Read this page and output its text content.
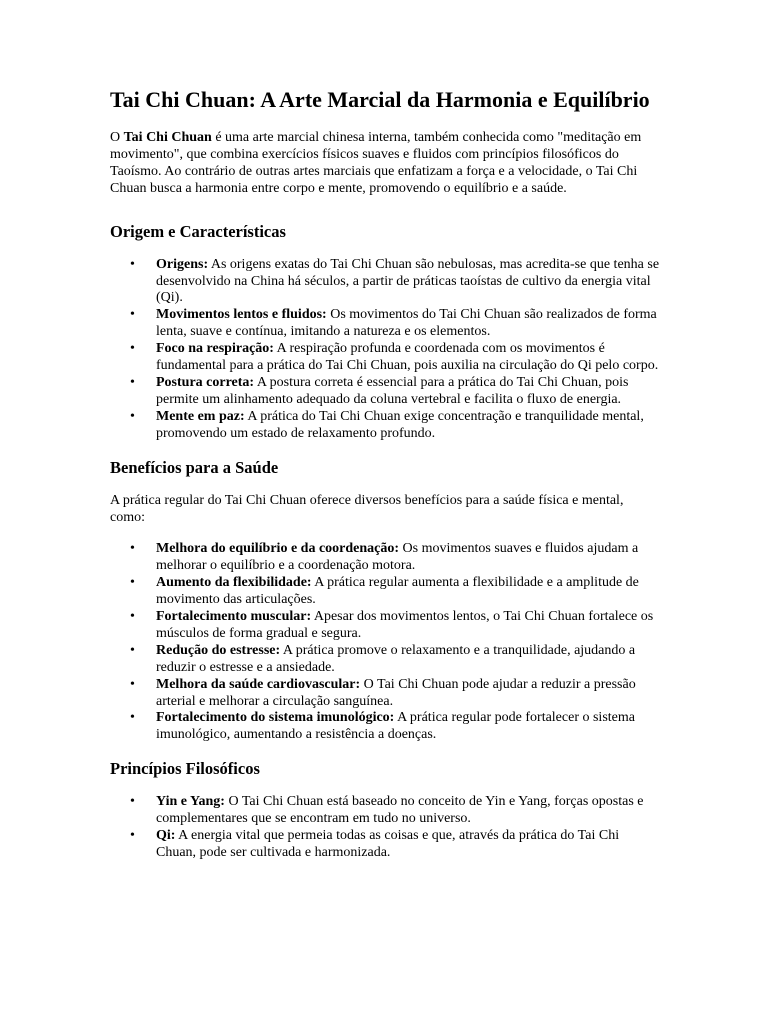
Tai Chi Chuan: A Arte Marcial da Harmonia e Equilíbrio

O Tai Chi Chuan é uma arte marcial chinesa interna, também conhecida como "meditação em movimento", que combina exercícios físicos suaves e fluidos com princípios filosóficos do Taoísmo. Ao contrário de outras artes marciais que enfatizam a força e a velocidade, o Tai Chi Chuan busca a harmonia entre corpo e mente, promovendo o equilíbrio e a saúde.

Origem e Características
• Origens: As origens exatas do Tai Chi Chuan são nebulosas, mas acredita-se que tenha se desenvolvido na China há séculos, a partir de práticas taoístas de cultivo da energia vital (Qi).
• Movimentos lentos e fluidos: Os movimentos do Tai Chi Chuan são realizados de forma lenta, suave e contínua, imitando a natureza e os elementos.
• Foco na respiração: A respiração profunda e coordenada com os movimentos é fundamental para a prática do Tai Chi Chuan, pois auxilia na circulação do Qi pelo corpo.
• Postura correta: A postura correta é essencial para a prática do Tai Chi Chuan, pois permite um alinhamento adequado da coluna vertebral e facilita o fluxo de energia.
• Mente em paz: A prática do Tai Chi Chuan exige concentração e tranquilidade mental, promovendo um estado de relaxamento profundo.
Benefícios para a Saúde

A prática regular do Tai Chi Chuan oferece diversos benefícios para a saúde física e mental, como:

• Melhora do equilíbrio e da coordenação: Os movimentos suaves e fluidos ajudam a melhorar o equilíbrio e a coordenação motora.
• Aumento da flexibilidade: A prática regular aumenta a flexibilidade e a amplitude de movimento das articulações.
• Fortalecimento muscular: Apesar dos movimentos lentos, o Tai Chi Chuan fortalece os músculos de forma gradual e segura.
• Redução do estresse: A prática promove o relaxamento e a tranquilidade, ajudando a reduzir o estresse e a ansiedade.
• Melhora da saúde cardiovascular: O Tai Chi Chuan pode ajudar a reduzir a pressão arterial e melhorar a circulação sanguínea.
• Fortalecimento do sistema imunológico: A prática regular pode fortalecer o sistema imunológico, aumentando a resistência a doenças.
Princípios Filosóficos
• Yin e Yang: O Tai Chi Chuan está baseado no conceito de Yin e Yang, forças opostas e complementares que se encontram em tudo no universo.
• Qi: A energia vital que permeia todas as coisas e que, através da prática do Tai Chi Chuan, pode ser cultivada e harmonizada.
